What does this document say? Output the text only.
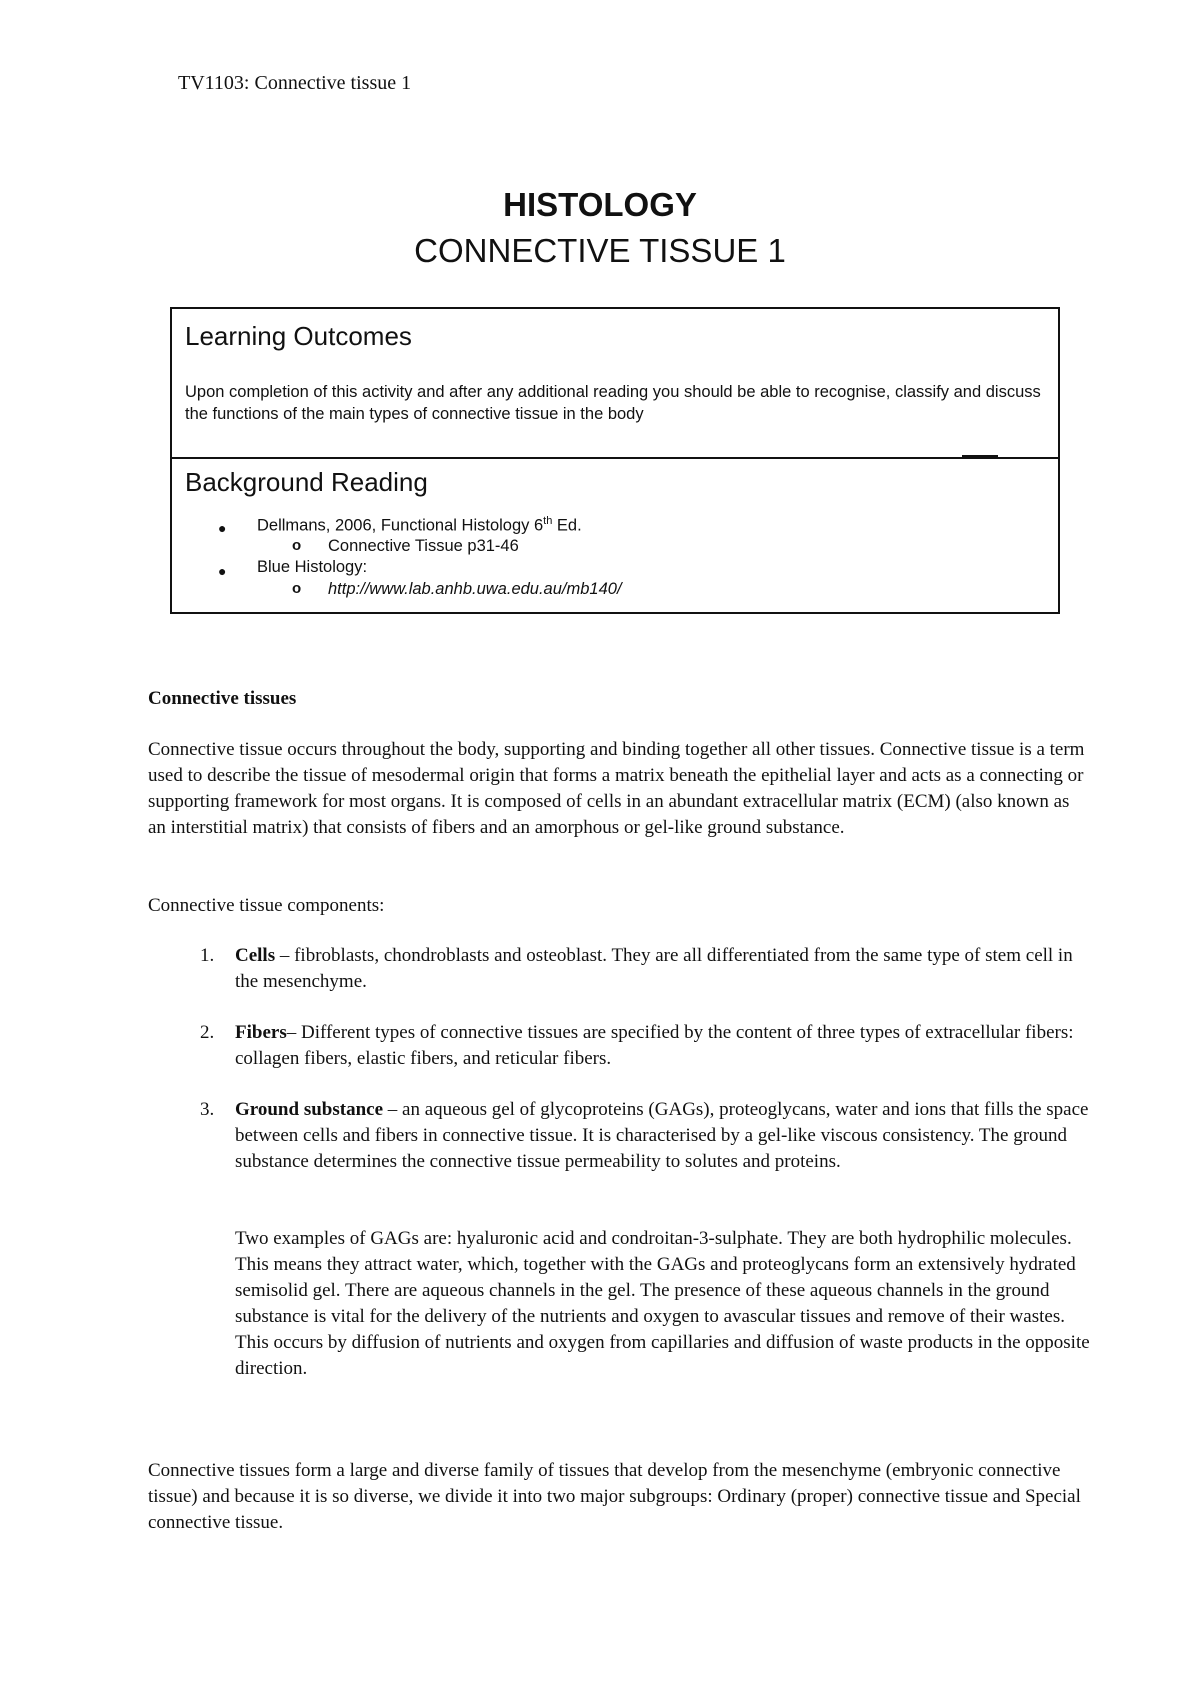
TV1103: Connective tissue 1
HISTOLOGY
CONNECTIVE TISSUE 1
Learning Outcomes
Upon completion of this activity and after any additional reading you should be able to recognise, classify and discuss the functions of the main types of connective tissue in the body
Background Reading
● Dellmans, 2006, Functional Histology 6th Ed.
o Connective Tissue p31-46
● Blue Histology:
o http://www.lab.anhb.uwa.edu.au/mb140/
Connective tissues

Connective tissue occurs throughout the body, supporting and binding together all other tissues. Connective tissue is a term used to describe the tissue of mesodermal origin that forms a matrix beneath the epithelial layer and acts as a connecting or supporting framework for most organs. It is composed of cells in an abundant extracellular matrix (ECM) (also known as an interstitial matrix) that consists of fibers and an amorphous or gel-like ground substance.

Connective tissue components:

1.	Cells – fibroblasts, chondroblasts and osteoblast. They are all differentiated from the same type of stem cell in the mesenchyme.
2.	Fibers– Different types of connective tissues are specified by the content of three types of extracellular fibers: collagen fibers, elastic fibers, and reticular fibers.
3.	Ground substance – an aqueous gel of glycoproteins (GAGs), proteoglycans, water and ions that fills the space between cells and fibers in connective tissue. It is characterised by a gel-like viscous consistency. The ground substance determines the connective tissue permeability to solutes and proteins.
Two examples of GAGs are: hyaluronic acid and condroitan-3-sulphate. They are both hydrophilic molecules. This means they attract water, which, together with the GAGs and proteoglycans form an extensively hydrated semisolid gel. There are aqueous channels in the gel. The presence of these aqueous channels in the ground substance is vital for the delivery of the nutrients and oxygen to avascular tissues and remove of their wastes. This occurs by diffusion of nutrients and oxygen from capillaries and diffusion of waste products in the opposite direction.

Connective tissues form a large and diverse family of tissues that develop from the mesenchyme (embryonic connective tissue) and because it is so diverse, we divide it into two major subgroups: Ordinary (proper) connective tissue and Special connective tissue.
